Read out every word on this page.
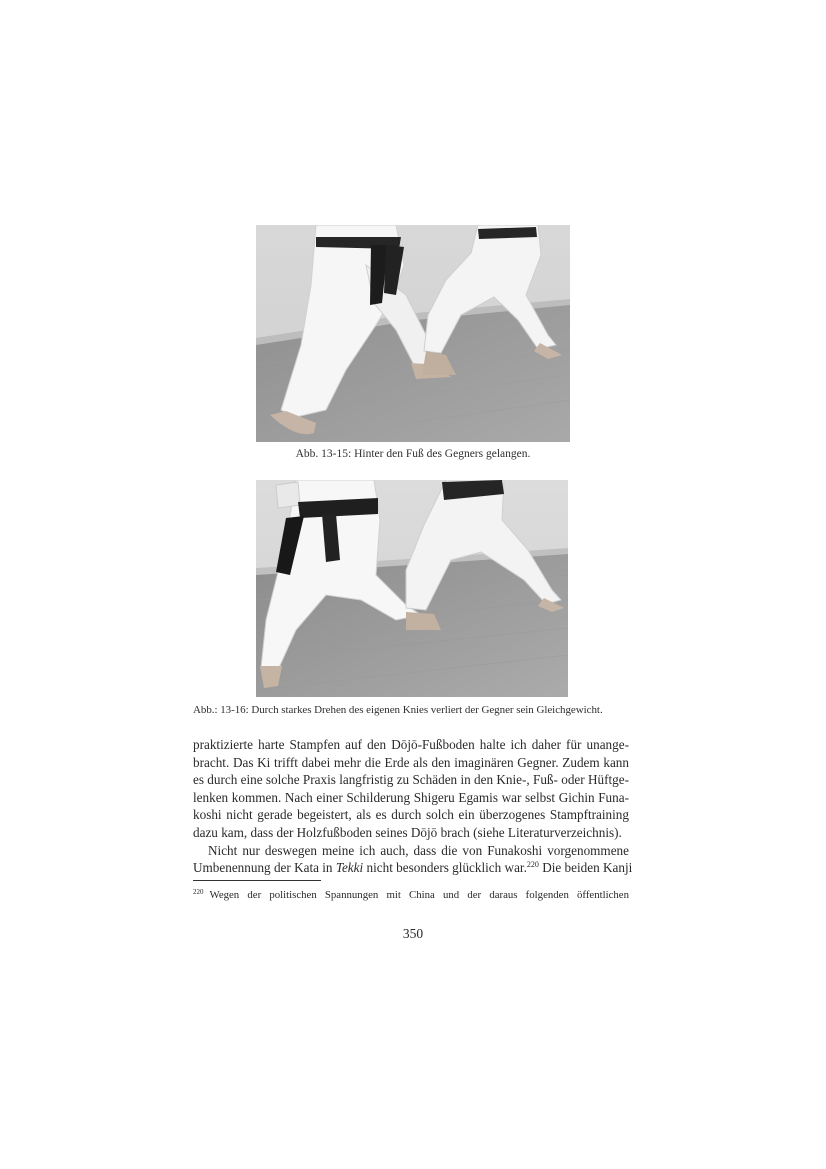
Abb. 13-15: Hinter den Fuß des Gegners gelangen.
Abb.: 13-16: Durch starkes Drehen des eigenen Knies verliert der Gegner sein Gleichgewicht.
praktizierte harte Stampfen auf den Dōjō-Fußboden halte ich daher für unange-
bracht. Das Ki trifft dabei mehr die Erde als den imaginären Gegner. Zudem kann
es durch eine solche Praxis langfristig zu Schäden in den Knie-, Fuß- oder Hüftge-
lenken kommen. Nach einer Schilderung Shigeru Egamis war selbst Gichin Funa-
koshi nicht gerade begeistert, als es durch solch ein überzogenes Stampftraining
dazu kam, dass der Holzfußboden seines Dōjō brach (siehe Literaturverzeichnis).
Nicht nur deswegen meine ich auch, dass die von Funakoshi vorgenommene
Umbenennung der Kata in Tekki nicht besonders glücklich war.$^{220}$ Die beiden Kanji
$^{220}$ Wegen der politischen Spannungen mit China und der daraus folgenden öffentlichen
350
